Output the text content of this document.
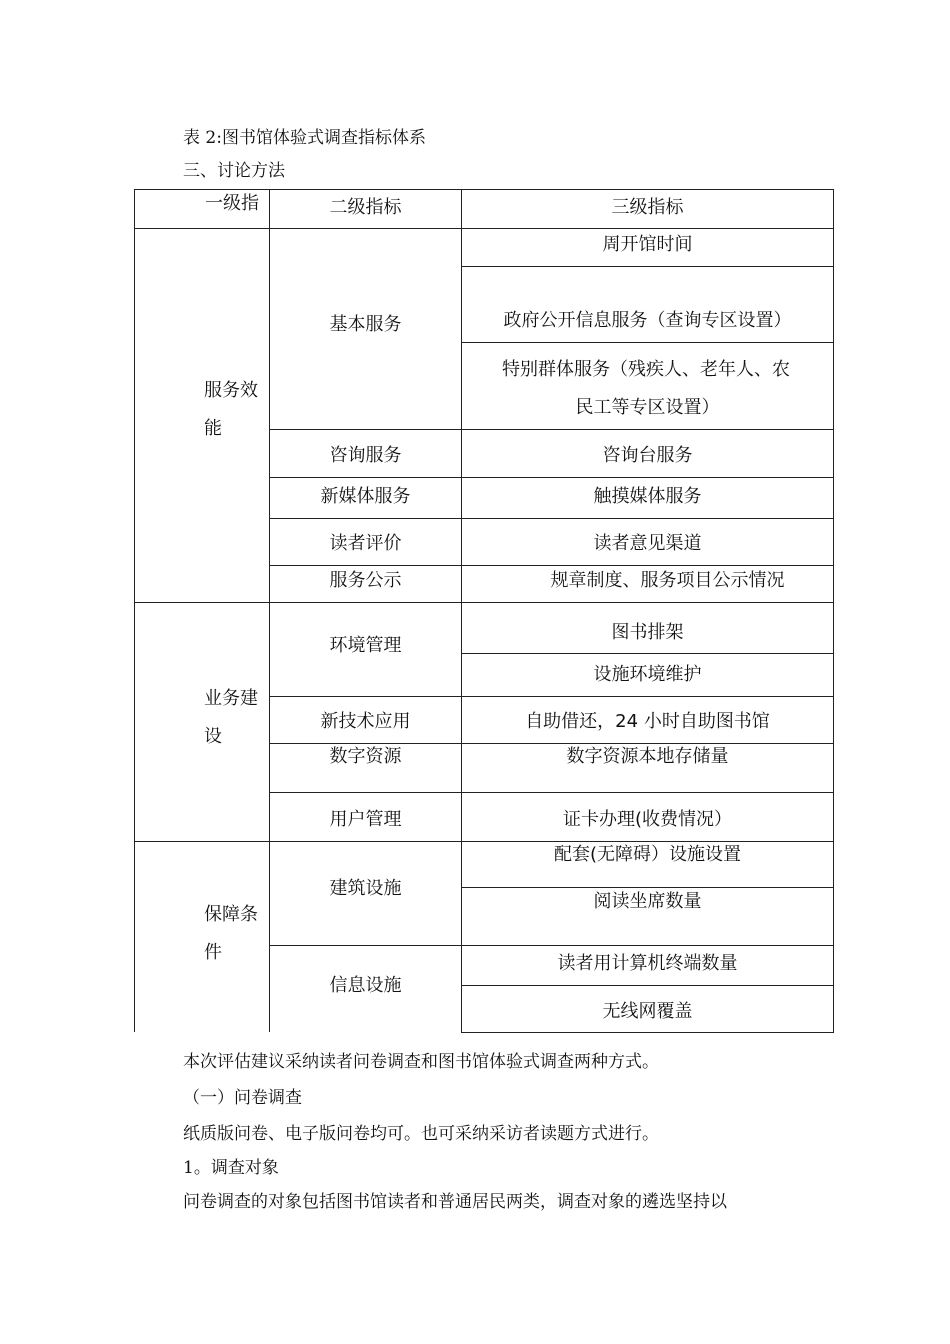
表 2:图书馆体验式调查指标体系
三、讨论方法
一级指	二级指标	三级指标
服务效
能
业务建
设
保障条
件
基本服务
咨询服务
新媒体服务
读者评价
服务公示
环境管理
新技术应用
数字资源
用户管理
建筑设施
信息设施
周开馆时间
政府公开信息服务（查询专区设置）
特别群体服务（残疾人、老年人、农
民工等专区设置）
咨询台服务
触摸媒体服务
读者意见渠道
规章制度、服务项目公示情况
图书排架
设施环境维护
自助借还，24 小时自助图书馆
数字资源本地存储量
证卡办理(收费情况）
配套(无障碍）设施设置
阅读坐席数量
读者用计算机终端数量
无线网覆盖
本次评估建议采纳读者问卷调查和图书馆体验式调查两种方式。
（一）问卷调查
纸质版问卷、电子版问卷均可。也可采纳采访者读题方式进行。
1。调查对象
问卷调查的对象包括图书馆读者和普通居民两类，调查对象的遴选坚持以
